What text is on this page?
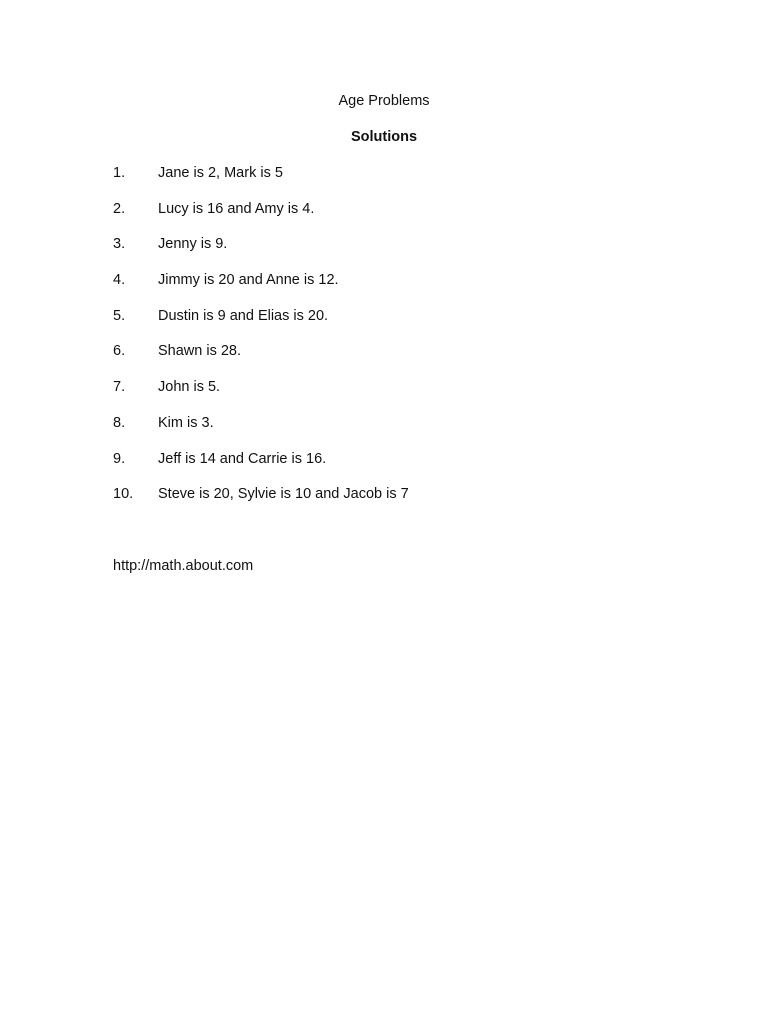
Age Problems
Solutions
1.	Jane is 2, Mark is 5
2.	Lucy is 16 and Amy is 4.
3.	Jenny is 9.
4.	Jimmy is 20 and Anne is 12.
5.	Dustin is 9 and Elias is 20.
6.	Shawn is 28.
7.	John is 5.
8.	Kim is 3.
9.	Jeff is 14 and Carrie is 16.
10.	Steve is 20, Sylvie is 10 and Jacob is 7
http://math.about.com
